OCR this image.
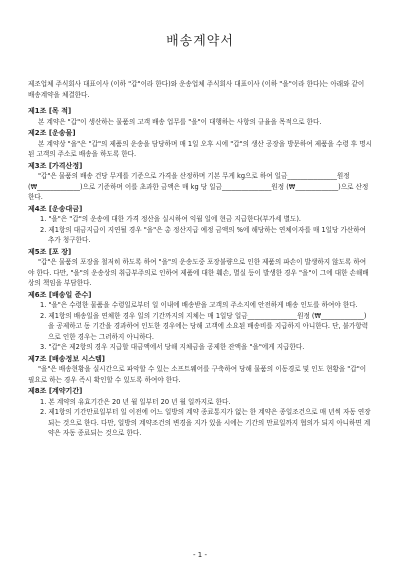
배송계약서

제조업체 주식회사 대표이사 (이하 "갑"이라 한다)와 운송업체 주식회사 대표이사 (이하 "을"이라 한다)는 아래와 같이 배송계약을 체결한다.

제1조 [목 적]

본 계약은 "갑"이 생산하는 물품의 고객 배송 업무를 "을"이 대행하는 사항의 규율을 목적으로 한다.

제2조 [운송물]

본 계약상 "을"은 "갑"의 제품의 운송을 담당하며 매 1일 오후 시에 "갑"의 생산 공장을 방문하여 제품을 수령 후 명시된 고객의 주소로 배송을 하도록 한다.

제3조 [가격산정]

"갑"은 물품의 배송 건당 무게를 기준으로 가격을 산정하며 기본 무게 kg으로 하여 일금_______________원정 (₩_____________)으로 기준하며 이를 초과한 금액은 매 kg 당 일금_______________원정 (₩_____________)으로 산정한다.

제4조 [운송대금]

1. "을"은 "갑"의 운송에 대한 가격 정산을 실시하여 익월 일에 현금 지급한다(부가세 별도).

2. 제1항의 대금지급이 지연될 경우 "을"은 총 정산지급 예정 금액의 %에 해당하는 연체이자를 매 1일당 가산하여 추가 청구한다.

제5조 [포 장]

"갑"은 물품의 포장을 철저히 하도록 하여 "을"의 운송도중 포장불량으로 인한 제품의 파손이 발생하지 않도록 하여야 한다. 다만, "을"의 운송상의 취급부주의로 인하여 제품에 대한 훼손, 멸실 등이 발생한 경우 "을"이 그에 대한 손해배상의 책임을 부담한다.

제6조 [배송일 준수]

1. "을"은 수령한 물품을 수령일로부터 일 이내에 배송받을 고객의 주소지에 안전하게 배송 인도를 하여야 한다.

2. 제1항의 배송일을 연체한 경우 일의 기간까지의 지체는 매 1일당 일금_______________원정 (₩_____________)을 공제하고 동 기간을 경과하여 인도한 경우에는 당해 고객에 소요된 배송비를 지급하지 아니한다. 단, 불가항력으로 인한 경우는 그러하지 아니하다.

3. "갑"은 제2항의 경우 지급할 대금액에서 당해 지체금을 공제한 잔액을 "을"에게 지급한다.

제7조 [배송정보 시스템]

"을"은 배송현황을 실시간으로 파악할 수 있는 소프트웨어를 구축하여 당해 물품의 이동경로 및 인도 현황을 "갑"이 필요로 하는 경우 즉시 확인할 수 있도록 하여야 한다.

제8조 [계약기간]

1. 본 계약의 유효기간은 20 년 월 일부터 20 년 월 일까지로 한다.

2. 제1항의 기간만료일부터 일 이전에 어느 일방의 계약 종료통지가 없는 한 계약은 종일조건으로 매 년씩 자동 연장되는 것으로 한다. 다만, 일방의 계약조건의 변경을 지가 있을 시에는 기간의 만료일까지 협의가 되지 아니하면 계약은 자동 종료되는 것으로 한다.

- 1 -
